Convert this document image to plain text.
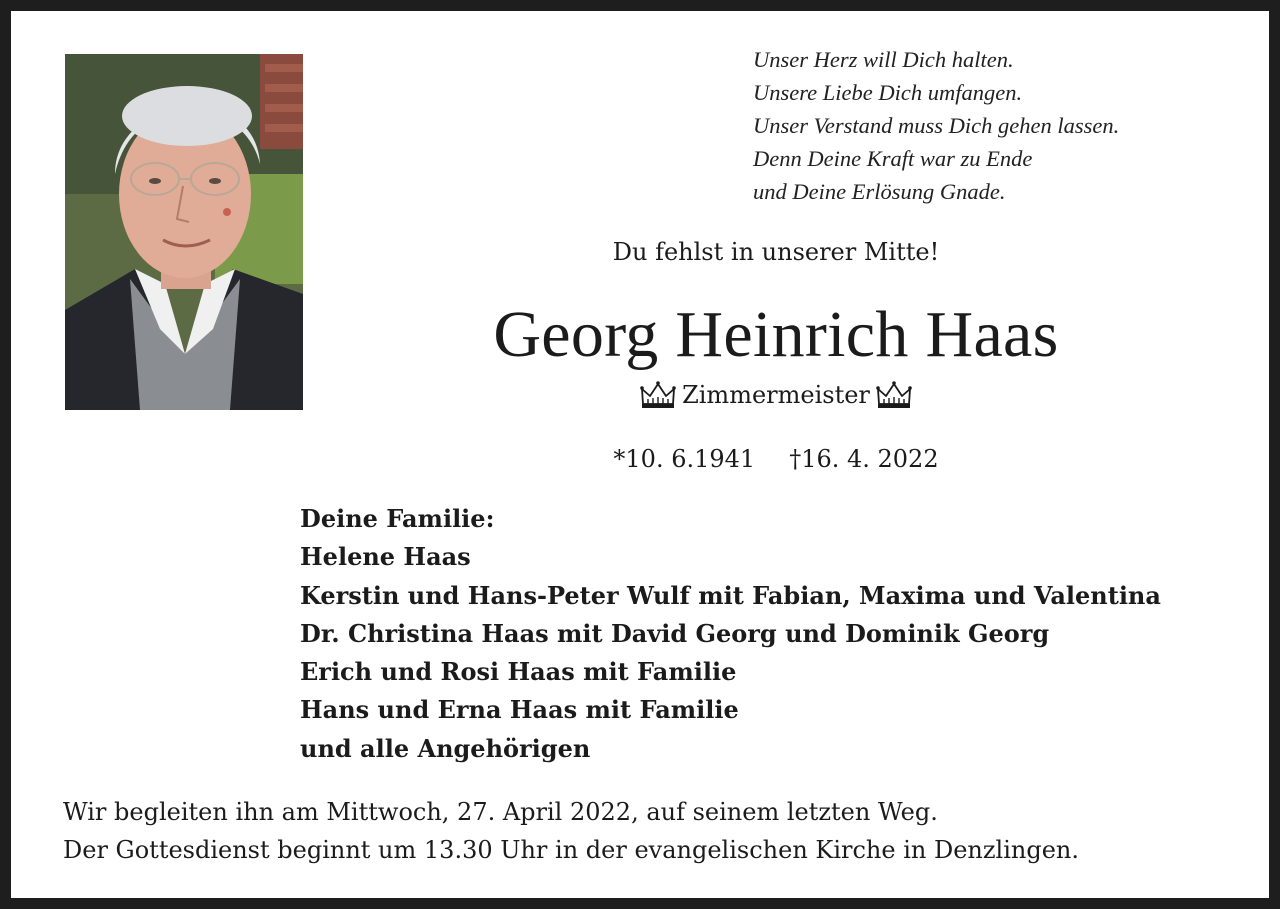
Unser Herz will Dich halten.
Unsere Liebe Dich umfangen.
Unser Verstand muss Dich gehen lassen.
Denn Deine Kraft war zu Ende
und Deine Erlösung Gnade.
Du fehlst in unserer Mitte!
Georg Heinrich Haas
Zimmermeister
*10. 6.1941 †16. 4. 2022
Deine Familie:
Helene Haas
Kerstin und Hans-Peter Wulf mit Fabian, Maxima und Valentina
Dr. Christina Haas mit David Georg und Dominik Georg
Erich und Rosi Haas mit Familie
Hans und Erna Haas mit Familie
und alle Angehörigen
Wir begleiten ihn am Mittwoch, 27. April 2022, auf seinem letzten Weg.
Der Gottesdienst beginnt um 13.30 Uhr in der evangelischen Kirche in Denzlingen.
